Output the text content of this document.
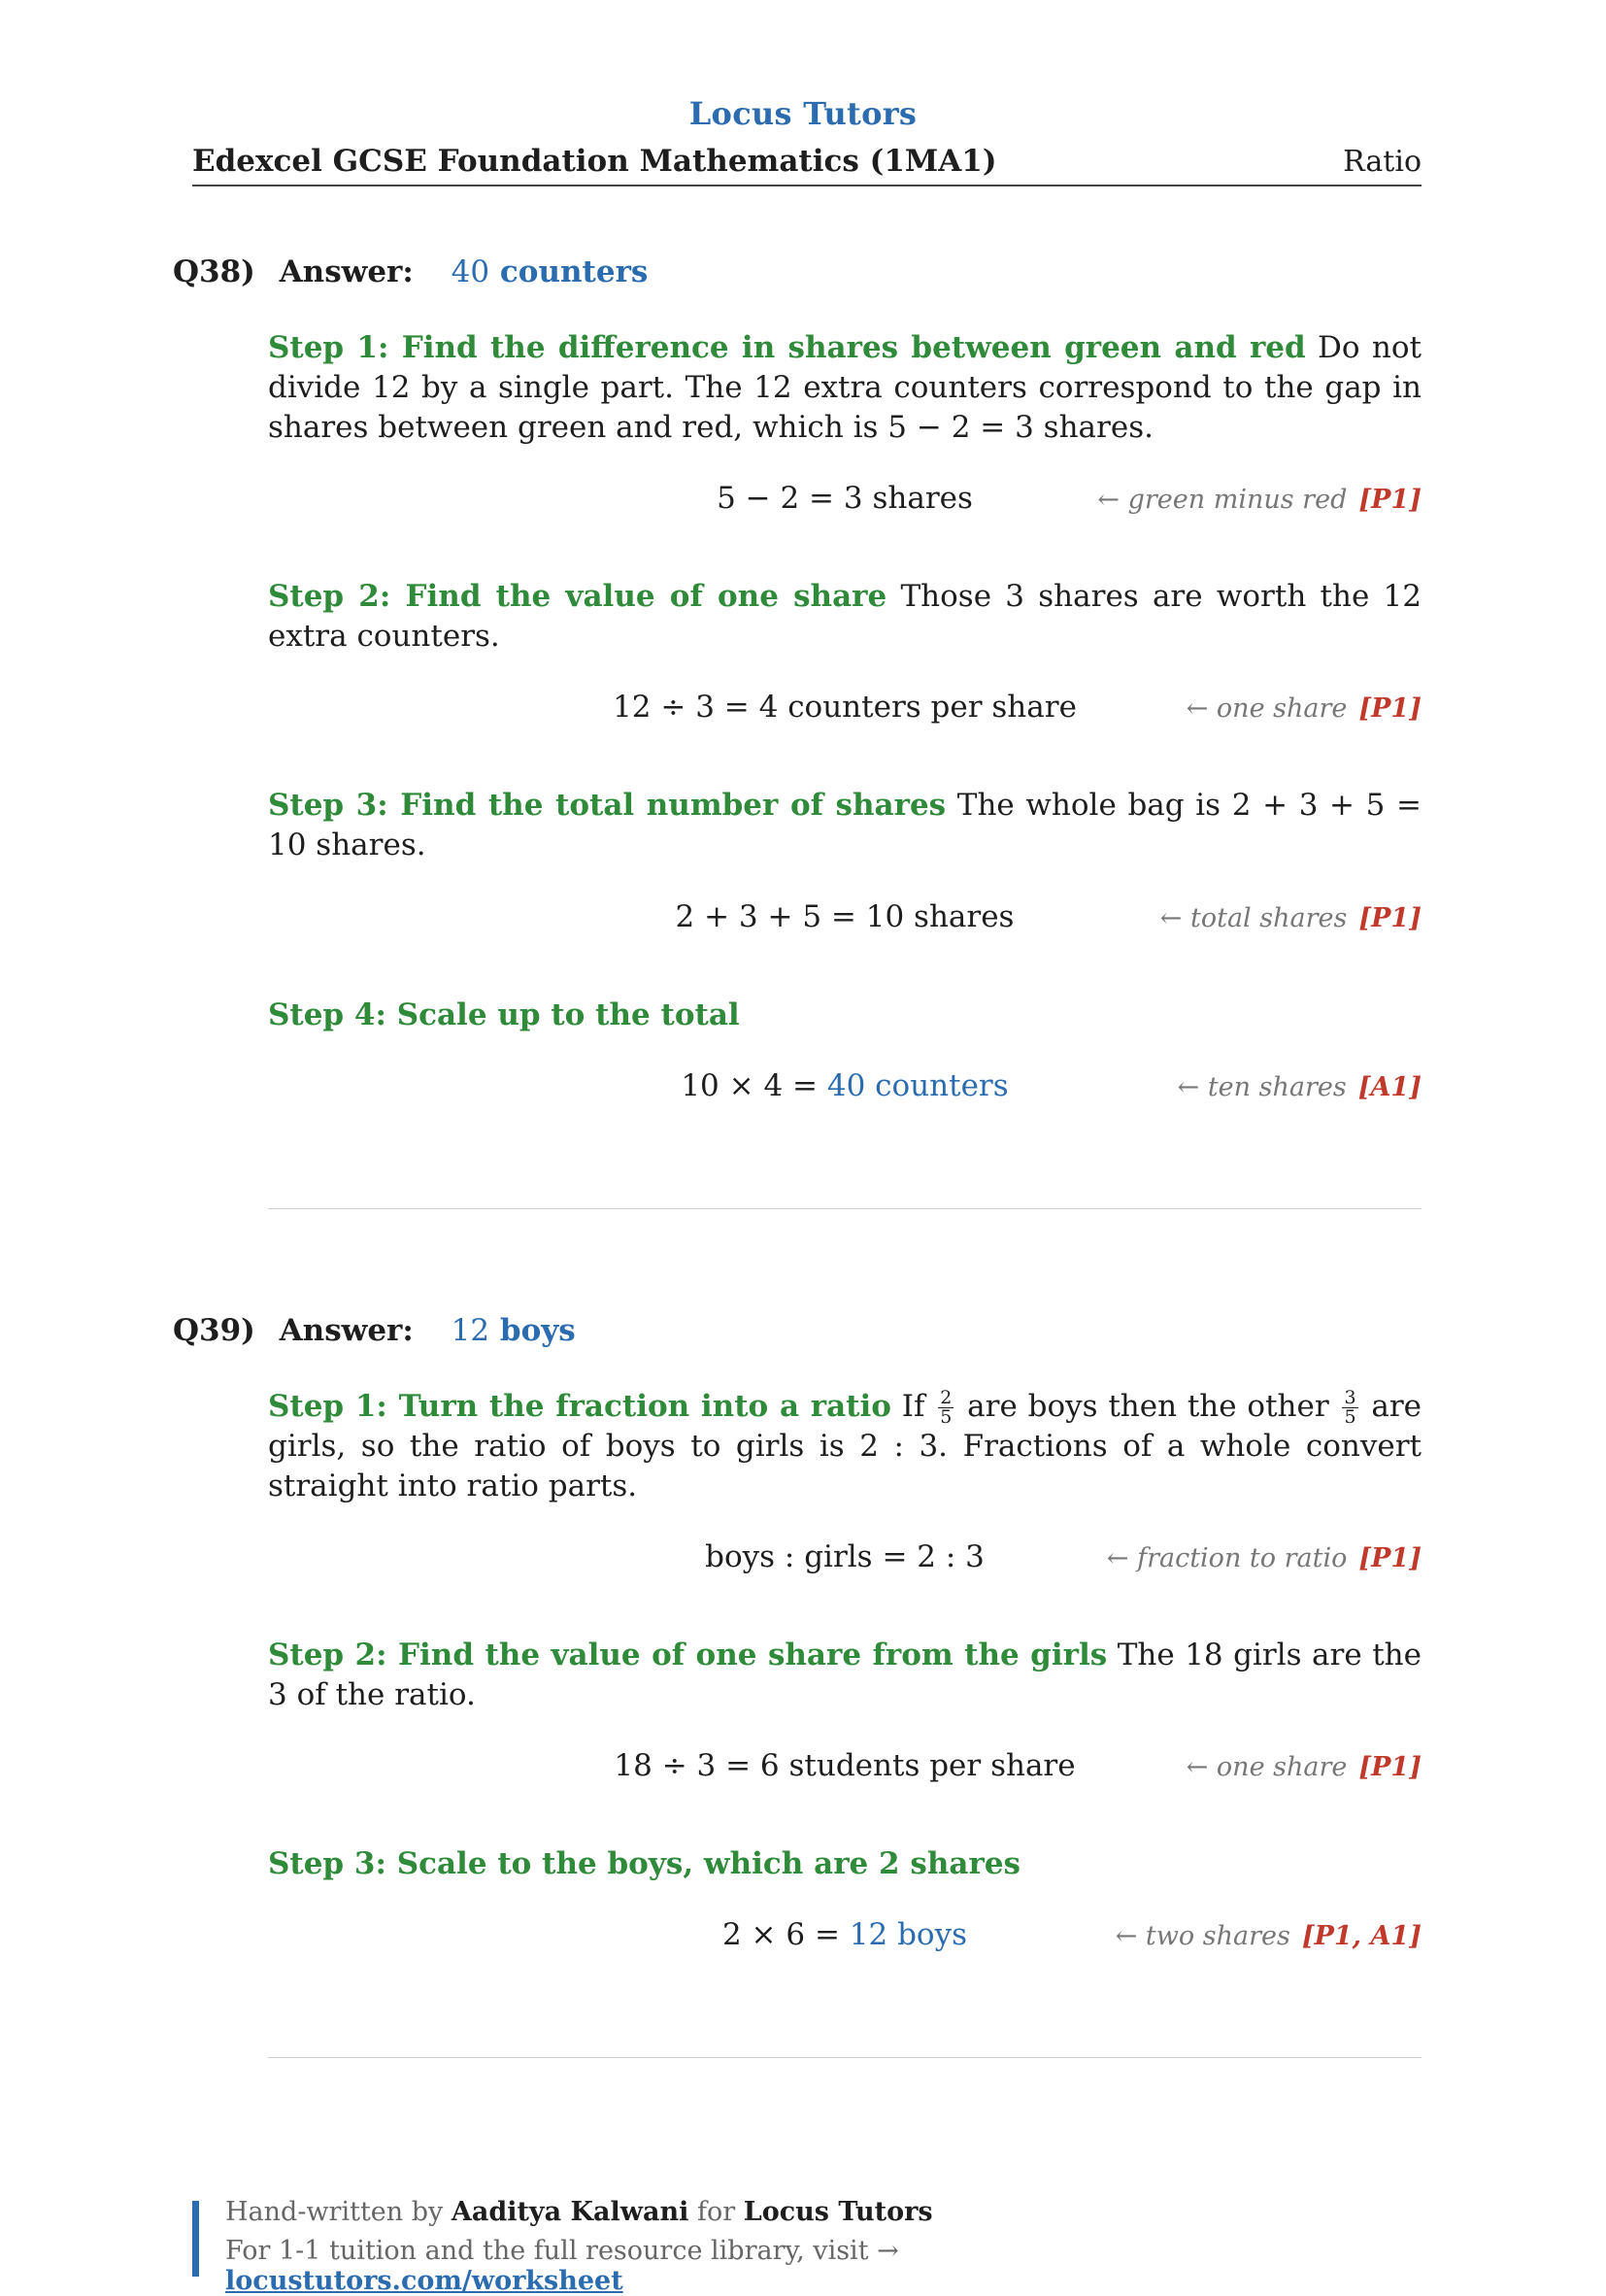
Locus Tutors
Edexcel GCSE Foundation Mathematics (1MA1)	Ratio
Q38) Answer: 40 counters
Step 1: Find the difference in shares between green and red Do not divide 12 by a single part. The 12 extra counters correspond to the gap in shares between green and red, which is 5 − 2 = 3 shares.
5 − 2 = 3 shares	← green minus red [P1]
Step 2: Find the value of one share Those 3 shares are worth the 12 extra counters.
12 ÷ 3 = 4 counters per share	← one share [P1]
Step 3: Find the total number of shares The whole bag is 2 + 3 + 5 = 10 shares.
2 + 3 + 5 = 10 shares	← total shares [P1]
Step 4: Scale up to the total
10 × 4 = 40 counters	← ten shares [A1]
Q39) Answer: 12 boys
Step 1: Turn the fraction into a ratio If $\frac{2}{5}$ are boys then the other $\frac{3}{5}$ are girls, so the ratio of boys to girls is 2 : 3. Fractions of a whole convert straight into ratio parts.
boys : girls = 2 : 3	← fraction to ratio [P1]
Step 2: Find the value of one share from the girls The 18 girls are the 3 of the ratio.
18 ÷ 3 = 6 students per share	← one share [P1]
Step 3: Scale to the boys, which are 2 shares
2 × 6 = 12 boys	← two shares [P1, A1]
Hand-written by Aaditya Kalwani for Locus Tutors
For 1-1 tuition and the full resource library, visit → locustutors.com/worksheet
